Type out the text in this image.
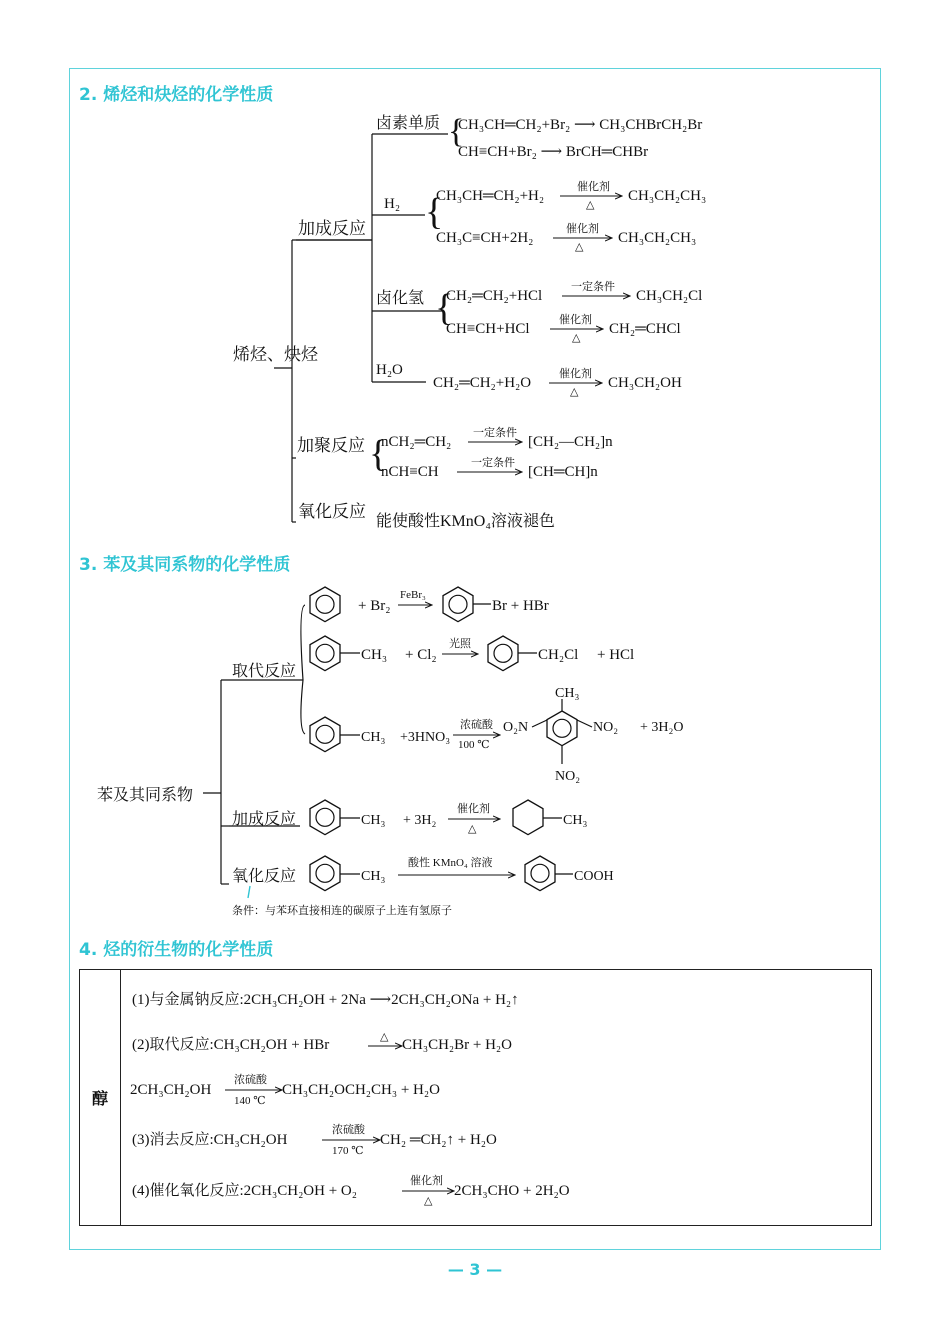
2. 烯烃和炔烃的化学性质
3. 苯及其同系物的化学性质
4. 烃的衍生物的化学性质
烯烃、炔烃
加成反应
卤素单质
H₂
卤化氢
H₂O
加聚反应
氧化反应
{
CH₃CH═CH₂+Br₂ ⟶ CH₃CHBrCH₂Br
CH≡CH+Br₂ ⟶ BrCH═CHBr
{
CH₃CH═CH₂+H₂
催化剂
△
CH₃CH₂CH₃
CH₃C≡CH+2H₂
催化剂
△
CH₃CH₂CH₃
{
CH₂═CH₂+HCl
一定条件
CH₃CH₂Cl
CH≡CH+HCl
催化剂
△
CH₂═CHCl
CH₂═CH₂+H₂O
催化剂
△
CH₃CH₂OH
{
nCH₂═CH₂
一定条件
[CH₂—CH₂]n
nCH≡CH
一定条件
[CH═CH]n
能使酸性KMnO₄溶液褪色
苯及其同系物
取代反应
加成反应
氧化反应
+ Br₂
FeBr₃
Br + HBr
CH₃ + Cl₂
光照
CH₂Cl + HCl
CH₃ +3HNO₃
浓硫酸
100 ℃
CH₃
O₂N	NO₂
NO₂
+ 3H₂O
CH₃ + 3H₂
催化剂
△
CH₃
CH₃
酸性 KMnO₄ 溶液
COOH
条件：与苯环直接相连的碳原子上连有氢原子
醇
(1)与金属钠反应:2CH₃CH₂OH + 2Na ⟶2CH₃CH₂ONa + H₂↑
(2)取代反应:CH₃CH₂OH + HBr	△ CH₃CH₂Br + H₂O
2CH₃CH₂OH
浓硫酸
140 ℃
CH₃CH₂OCH₂CH₃ + H₂O
(3)消去反应:CH₃CH₂OH
浓硫酸
170 ℃
CH₂ ═CH₂↑ + H₂O
(4)催化氧化反应:2CH₃CH₂OH + O₂
催化剂
△
2CH₃CHO + 2H₂O
— 3 —
